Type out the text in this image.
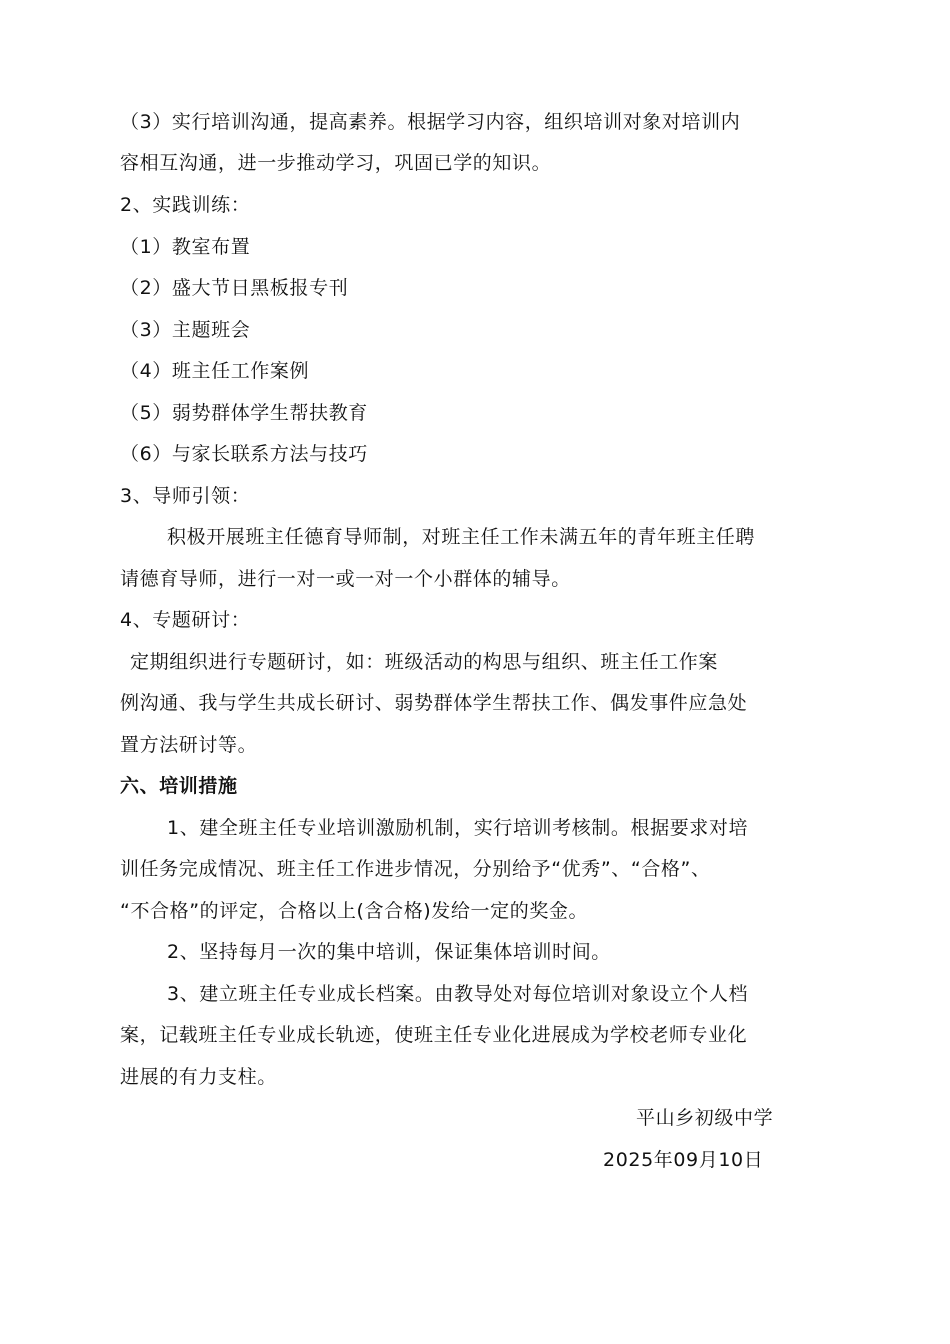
（3）实行培训沟通，提高素养。根据学习内容，组织培训对象对培训内
容相互沟通，进一步推动学习，巩固已学的知识。
2、实践训练：
（1）教室布置
（2）盛大节日黑板报专刊
（3）主题班会
（4）班主任工作案例
（5）弱势群体学生帮扶教育
（6）与家长联系方法与技巧
3、导师引领：
积极开展班主任德育导师制，对班主任工作未满五年的青年班主任聘
请德育导师，进行一对一或一对一个小群体的辅导。
4、专题研讨：
定期组织进行专题研讨，如：班级活动的构思与组织、班主任工作案
例沟通、我与学生共成长研讨、弱势群体学生帮扶工作、偶发事件应急处
置方法研讨等。
六、培训措施
1、建全班主任专业培训激励机制，实行培训考核制。根据要求对培
训任务完成情况、班主任工作进步情况，分别给予“优秀”、“合格”、
“不合格”的评定，合格以上(含合格)发给一定的奖金。
2、坚持每月一次的集中培训，保证集体培训时间。
3、建立班主任专业成长档案。由教导处对每位培训对象设立个人档
案，记载班主任专业成长轨迹，使班主任专业化进展成为学校老师专业化
进展的有力支柱。
平山乡初级中学
2025年09月10日
